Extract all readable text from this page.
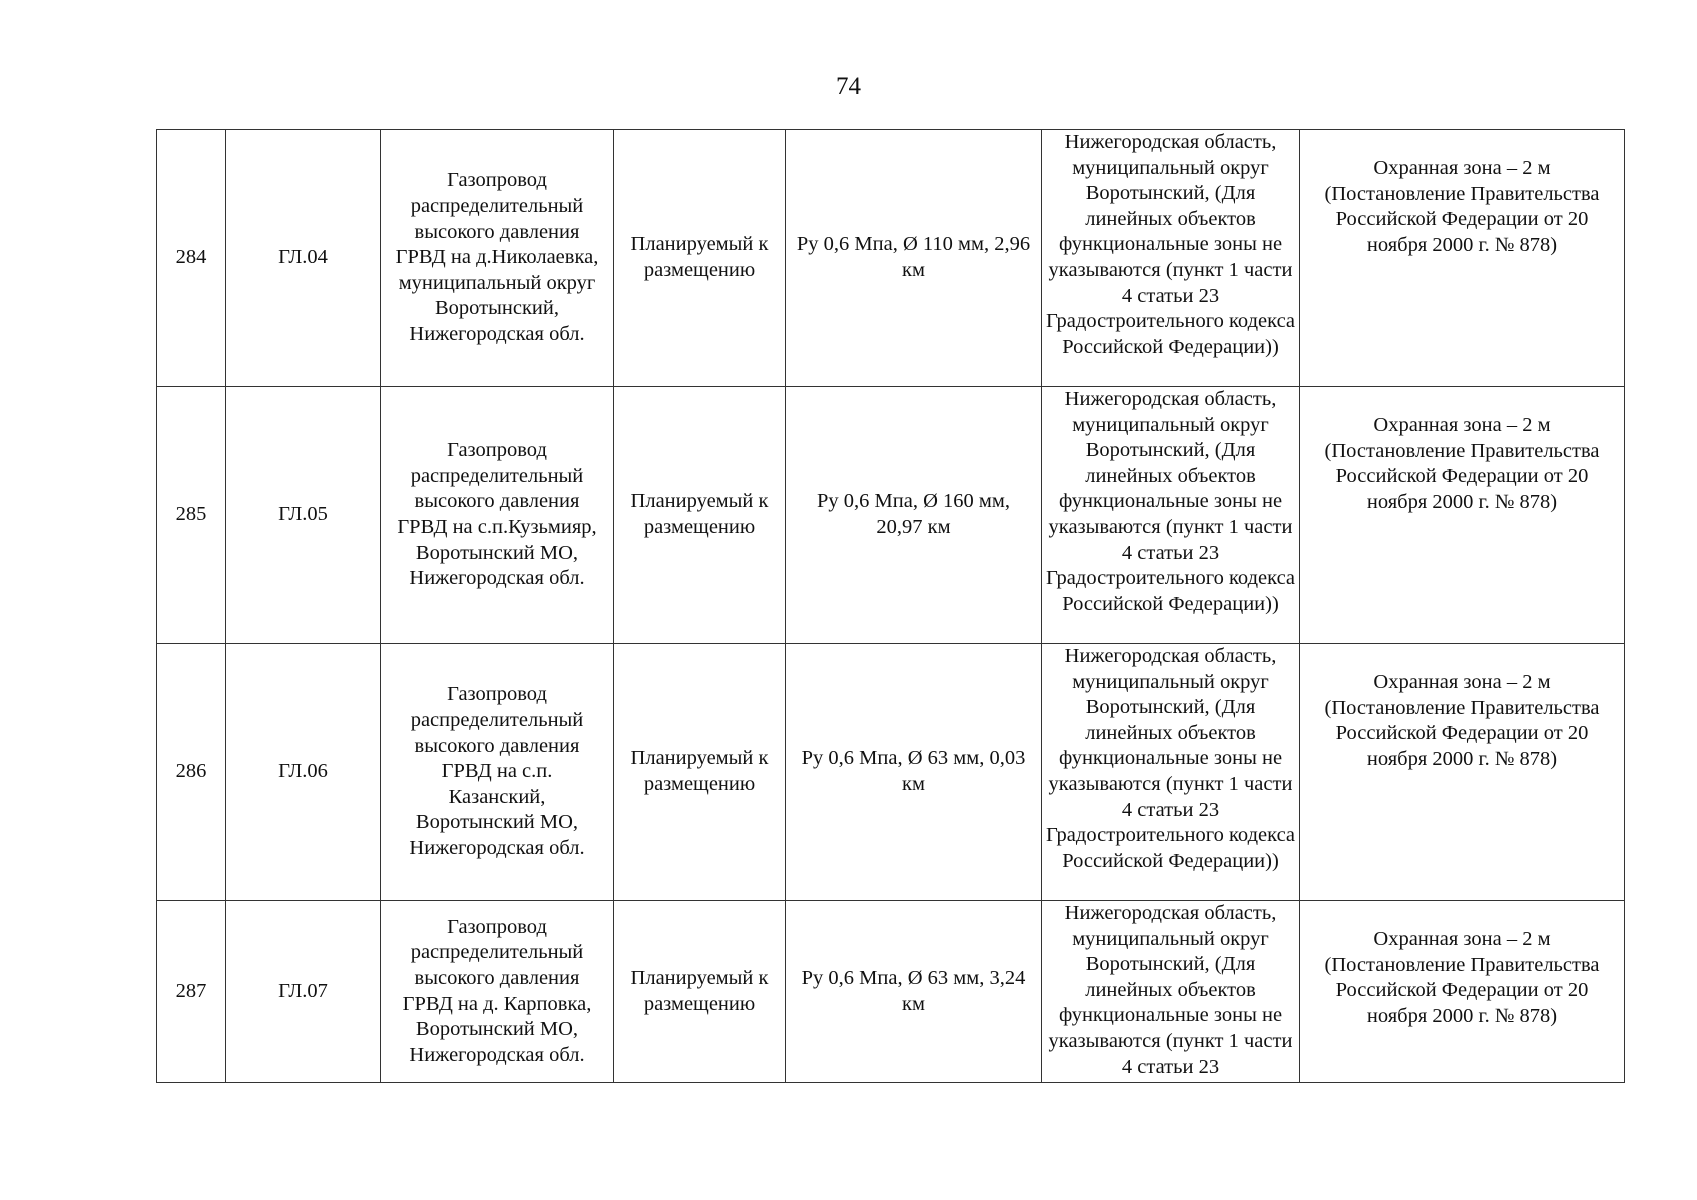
74
284	ГЛ.04	Газопровод распределительный высокого давления ГРВД на д.Николаевка, муниципальный округ Воротынский, Нижегородская обл.	Планируемый к размещению	Ру 0,6 Мпа, Ø 110 мм, 2,96 км	Нижегородская область, муниципальный округ Воротынский, (Для линейных объектов функциональные зоны не указываются (пункт 1 части 4 статьи 23 Градостроительного кодекса Российской Федерации))	Охранная зона – 2 м (Постановление Правительства Российской Федерации от 20 ноября 2000 г. № 878)

285	ГЛ.05	Газопровод распределительный высокого давления ГРВД на с.п.Кузьмияр, Воротынский МО, Нижегородская обл.	Планируемый к размещению	Ру 0,6 Мпа, Ø 160 мм, 20,97 км	Нижегородская область, муниципальный округ Воротынский, (Для линейных объектов функциональные зоны не указываются (пункт 1 части 4 статьи 23 Градостроительного кодекса Российской Федерации))	Охранная зона – 2 м (Постановление Правительства Российской Федерации от 20 ноября 2000 г. № 878)

286	ГЛ.06	Газопровод распределительный высокого давления ГРВД на с.п. Казанский, Воротынский МО, Нижегородская обл.	Планируемый к размещению	Ру 0,6 Мпа, Ø 63 мм, 0,03 км	Нижегородская область, муниципальный округ Воротынский, (Для линейных объектов функциональные зоны не указываются (пункт 1 части 4 статьи 23 Градостроительного кодекса Российской Федерации))	Охранная зона – 2 м (Постановление Правительства Российской Федерации от 20 ноября 2000 г. № 878)

287	ГЛ.07	Газопровод распределительный высокого давления ГРВД на д. Карповка, Воротынский МО, Нижегородская обл.	Планируемый к размещению	Ру 0,6 Мпа, Ø 63 мм, 3,24 км	Нижегородская область, муниципальный округ Воротынский, (Для линейных объектов функциональные зоны не указываются (пункт 1 части 4 статьи 23	Охранная зона – 2 м (Постановление Правительства Российской Федерации от 20 ноября 2000 г. № 878)
